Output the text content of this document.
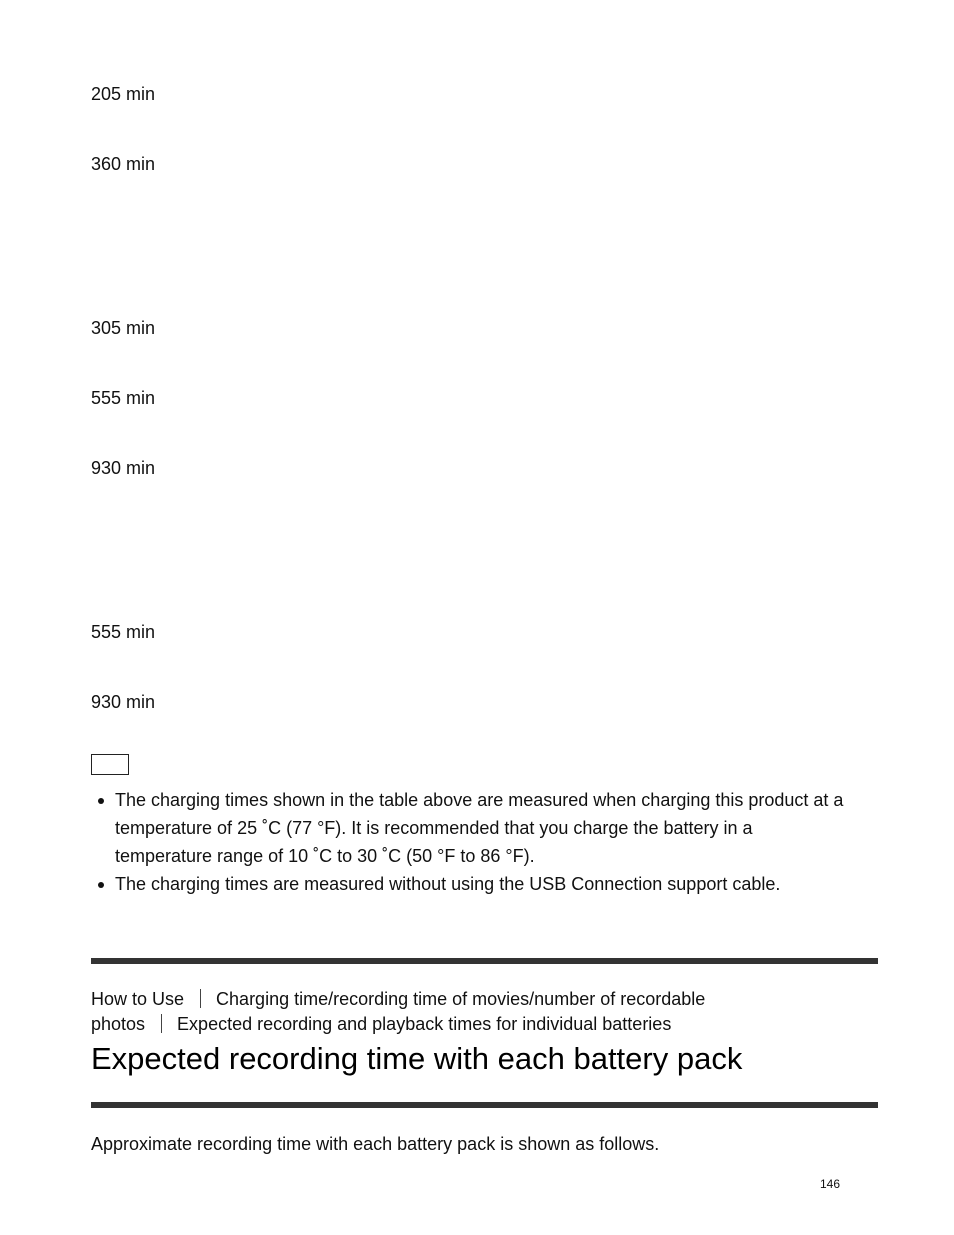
205 min
360 min
305 min
555 min
930 min
555 min
930 min
The charging times shown in the table above are measured when charging this product at a
temperature of 25 ˚C (77 °F). It is recommended that you charge the battery in a
temperature range of 10 ˚C to 30 ˚C (50 °F to 86 °F).
The charging times are measured without using the USB Connection support cable.
How to Use Charging time/recording time of movies/number of recordable
photos Expected recording and playback times for individual batteries
Expected recording time with each battery pack
Approximate recording time with each battery pack is shown as follows.
146
